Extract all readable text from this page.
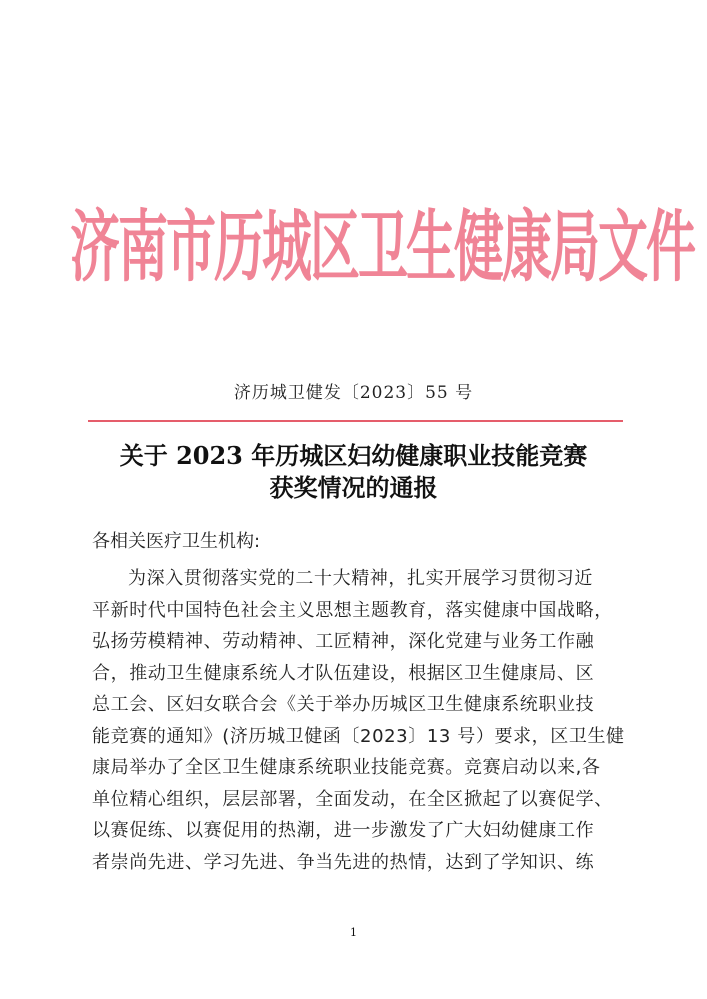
济南市历城区卫生健康局文件
济历城卫健发〔2023〕55 号
关于 2023 年历城区妇幼健康职业技能竞赛
获奖情况的通报
各相关医疗卫生机构:
为深入贯彻落实党的二十大精神，扎实开展学习贯彻习近
平新时代中国特色社会主义思想主题教育，落实健康中国战略，
弘扬劳模精神、劳动精神、工匠精神，深化党建与业务工作融
合，推动卫生健康系统人才队伍建设，根据区卫生健康局、区
总工会、区妇女联合会《关于举办历城区卫生健康系统职业技
能竞赛的通知》(济历城卫健函〔2023〕13 号）要求，区卫生健
康局举办了全区卫生健康系统职业技能竞赛。竞赛启动以来,各
单位精心组织，层层部署，全面发动，在全区掀起了以赛促学、
以赛促练、以赛促用的热潮，进一步激发了广大妇幼健康工作
者崇尚先进、学习先进、争当先进的热情，达到了学知识、练
1
